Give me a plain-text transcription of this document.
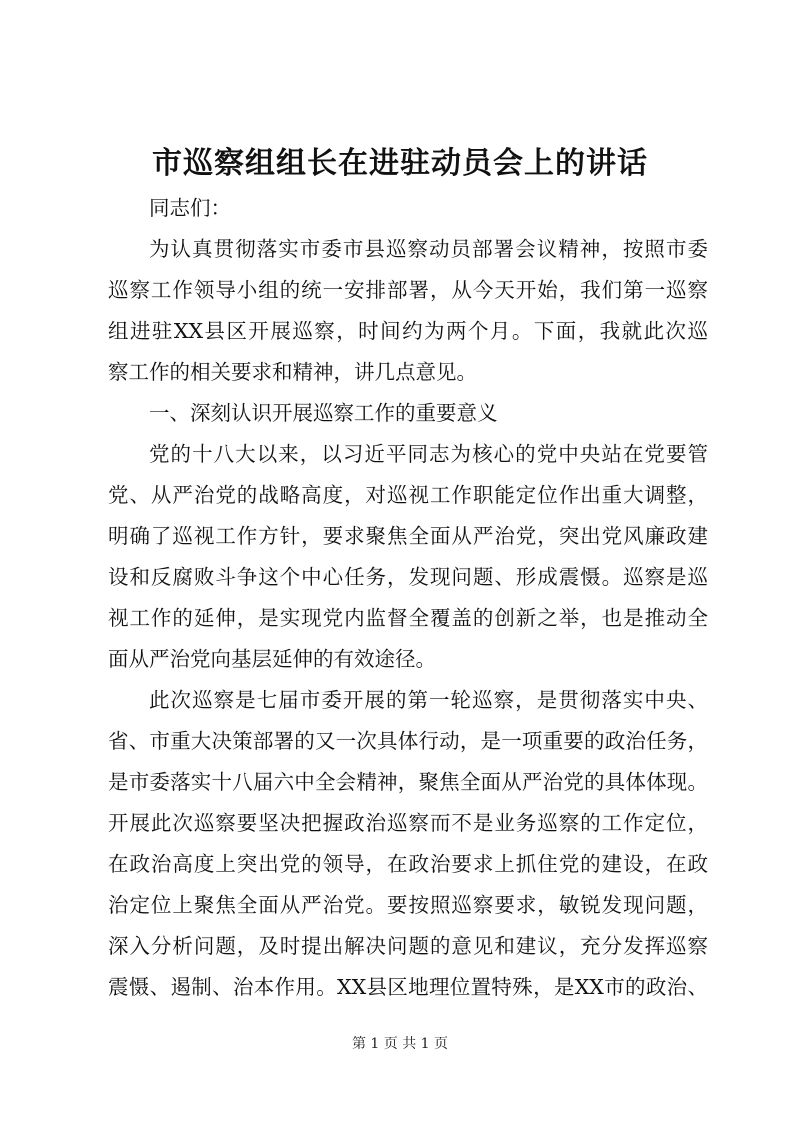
市巡察组组长在进驻动员会上的讲话
同志们：
为认真贯彻落实市委市县巡察动员部署会议精神，按照市委
巡察工作领导小组的统一安排部署，从今天开始，我们第一巡察
组进驻XX县区开展巡察，时间约为两个月。下面，我就此次巡
察工作的相关要求和精神，讲几点意见。
一、深刻认识开展巡察工作的重要意义
党的十八大以来，以习近平同志为核心的党中央站在党要管
党、从严治党的战略高度，对巡视工作职能定位作出重大调整，
明确了巡视工作方针，要求聚焦全面从严治党，突出党风廉政建
设和反腐败斗争这个中心任务，发现问题、形成震慑。巡察是巡
视工作的延伸，是实现党内监督全覆盖的创新之举，也是推动全
面从严治党向基层延伸的有效途径。
此次巡察是七届市委开展的第一轮巡察，是贯彻落实中央、
省、市重大决策部署的又一次具体行动，是一项重要的政治任务，
是市委落实十八届六中全会精神，聚焦全面从严治党的具体体现。
开展此次巡察要坚决把握政治巡察而不是业务巡察的工作定位，
在政治高度上突出党的领导，在政治要求上抓住党的建设，在政
治定位上聚焦全面从严治党。要按照巡察要求，敏锐发现问题，
深入分析问题，及时提出解决问题的意见和建议，充分发挥巡察
震慑、遏制、治本作用。XX县区地理位置特殊，是XX市的政治、
第 1 页 共 1 页
